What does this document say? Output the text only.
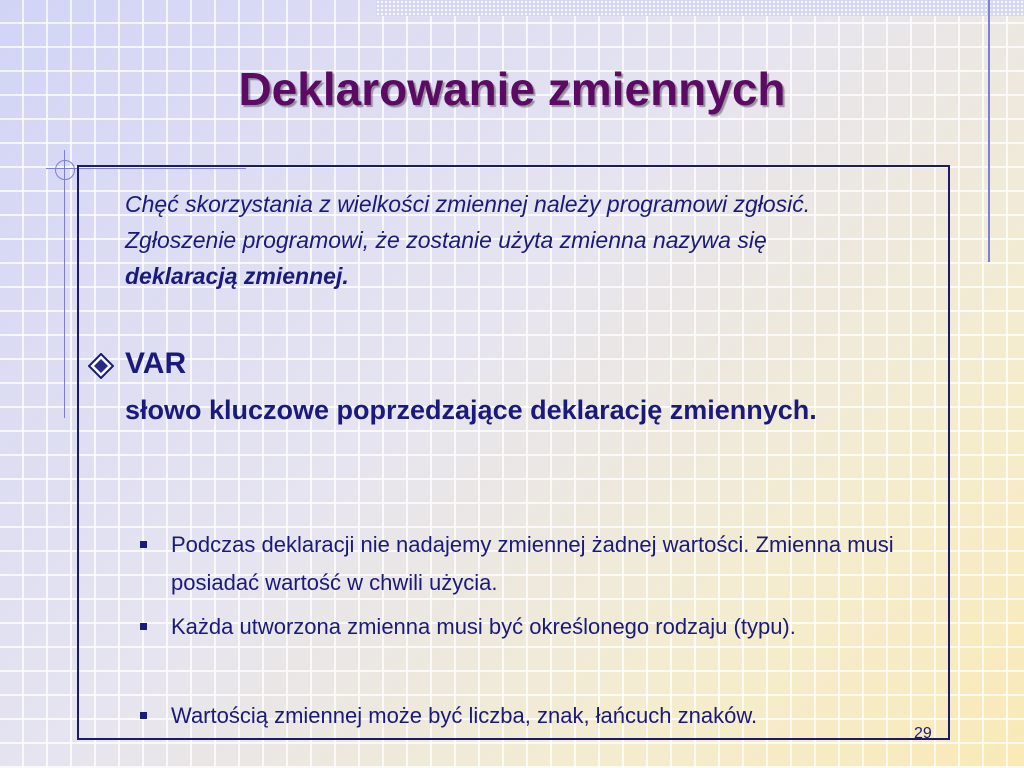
Deklarowanie zmiennych

Chęć skorzystania z wielkości zmiennej należy programowi zgłosić. Zgłoszenie programowi, że zostanie użyta zmienna nazywa się deklaracją zmiennej.

VAR

słowo kluczowe poprzedzające deklarację zmiennych.

Podczas deklaracji nie nadajemy zmiennej żadnej wartości. Zmienna musi posiadać wartość w chwili użycia.
Każda utworzona zmienna musi być określonego rodzaju (typu).
Wartością zmiennej może być liczba, znak, łańcuch znaków.
29
